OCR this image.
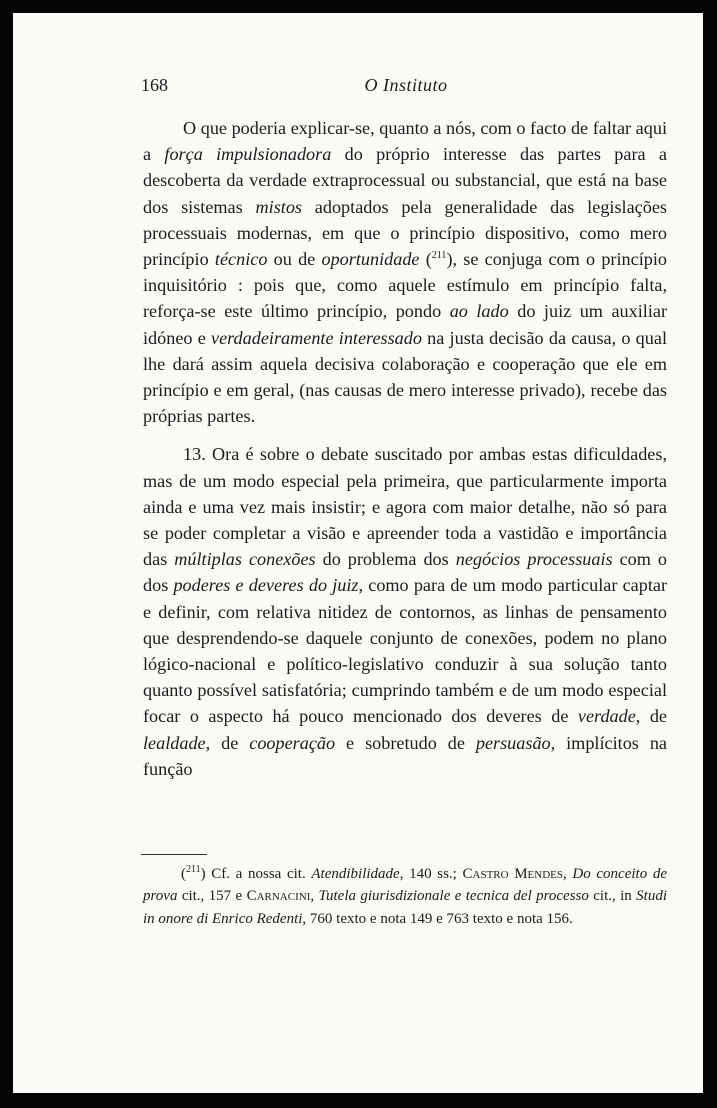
168	O Instituto

O que poderia explicar-se, quanto a nós, com o facto de faltar aqui a força impulsionadora do próprio interesse das partes para a descoberta da verdade extraprocessual ou substancial, que está na base dos sistemas mistos adoptados pela generalidade das legislações processuais modernas, em que o princípio dispositivo, como mero princípio técnico ou de oportunidade ($^{211}$), se conjuga com o princípio inquisitório : pois que, como aquele estímulo em princípio falta, reforça-se este último princípio, pondo ao lado do juiz um auxiliar idóneo e verdadeiramente interessado na justa decisão da causa, o qual lhe dará assim aquela decisiva colaboração e cooperação que ele em princípio e em geral, (nas causas de mero interesse privado), recebe das próprias partes.

13. Ora é sobre o debate suscitado por ambas estas dificuldades, mas de um modo especial pela primeira, que particularmente importa ainda e uma vez mais insistir; e agora com maior detalhe, não só para se poder completar a visão e apreender toda a vastidão e importância das múltiplas conexões do problema dos negócios processuais com o dos poderes e deveres do juiz, como para de um modo particular captar e definir, com relativa nitidez de contornos, as linhas de pensamento que desprendendo-se daquele conjunto de conexões, podem no plano lógico-nacional e político-legislativo conduzir à sua solução tanto quanto possível satisfatória; cumprindo também e de um modo especial focar o aspecto há pouco mencionado dos deveres de verdade, de lealdade, de cooperação e sobretudo de persuasão, implícitos na função

($^{211}$) Cf. a nossa cit. Atendibilidade, 140 ss.; Castro Mendes, Do conceito de prova cit., 157 e Carnacini, Tutela giurisdizionale e tecnica del processo cit., in Studi in onore di Enrico Redenti, 760 texto e nota 149 e 763 texto e nota 156.
